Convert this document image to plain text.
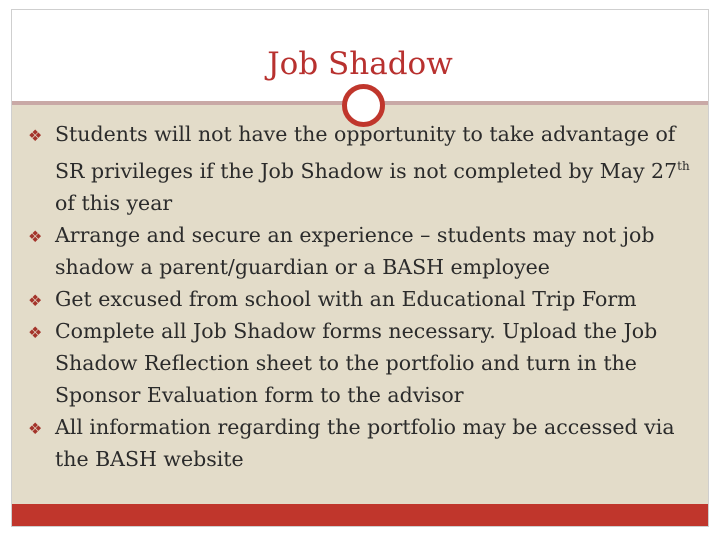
Job Shadow
❖ Students will not have the opportunity to take advantage of SR privileges if the Job Shadow is not completed by May 27th of this year
❖ Arrange and secure an experience – students may not job shadow a parent/guardian or a BASH employee
❖ Get excused from school with an Educational Trip Form
❖ Complete all Job Shadow forms necessary. Upload the Job Shadow Reflection sheet to the portfolio and turn in the Sponsor Evaluation form to the advisor
❖ All information regarding the portfolio may be accessed via the BASH website
